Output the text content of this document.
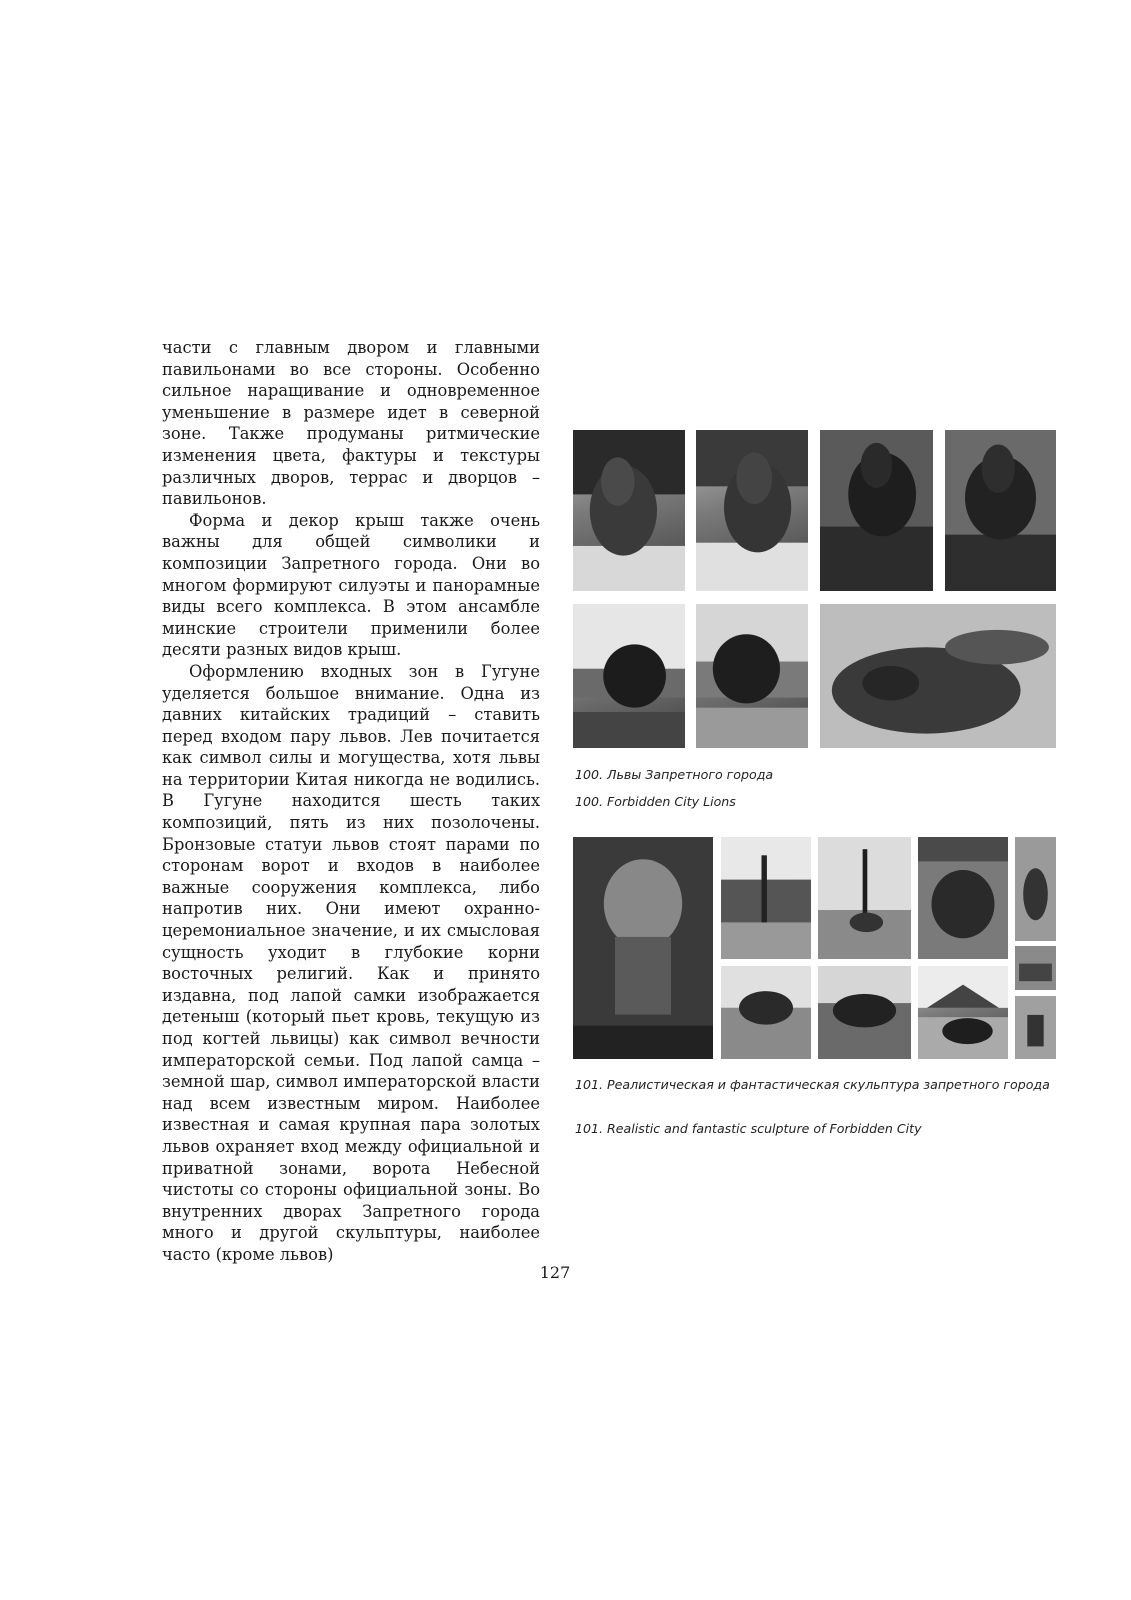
части с главным двором и главными павильонами во все стороны. Особенно сильное наращивание и одновременное уменьшение в размере идет в северной зоне. Также продуманы ритмические изменения цвета, фактуры и текстуры различных дворов, террас и дворцов – павильонов.

Форма и декор крыш также очень важны для общей символики и композиции Запретного города. Они во многом формируют силуэты и панорамные виды всего комплекса. В этом ансамбле минские строители применили более десяти разных видов крыш.

Оформлению входных зон в Гугуне уделяется большое внимание. Одна из давних китайских традиций – ставить перед входом пару львов. Лев почитается как символ силы и могущества, хотя львы на территории Китая никогда не водились. В Гугуне находится шесть таких композиций, пять из них позолочены. Бронзовые статуи львов стоят парами по сторонам ворот и входов в наиболее важные сооружения комплекса, либо напротив них. Они имеют охранно-церемониальное значение, и их смысловая сущность уходит в глубокие корни восточных религий. Как и принято издавна, под лапой самки изображается детеныш (который пьет кровь, текущую из под когтей львицы) как символ вечности императорской семьи. Под лапой самца – земной шар, символ императорской власти над всем известным миром. Наиболее известная и самая крупная пара золотых львов охраняет вход между официальной и приватной зонами, ворота Небесной чистоты со стороны официальной зоны. Во внутренних дворах Запретного города много и другой скульптуры, наиболее часто (кроме львов)

100. Львы Запретного города
100. Forbidden City Lions
101. Реалистическая и фантастическая скульптура запретного города
101. Realistic and fantastic sculpture of Forbidden City
127
